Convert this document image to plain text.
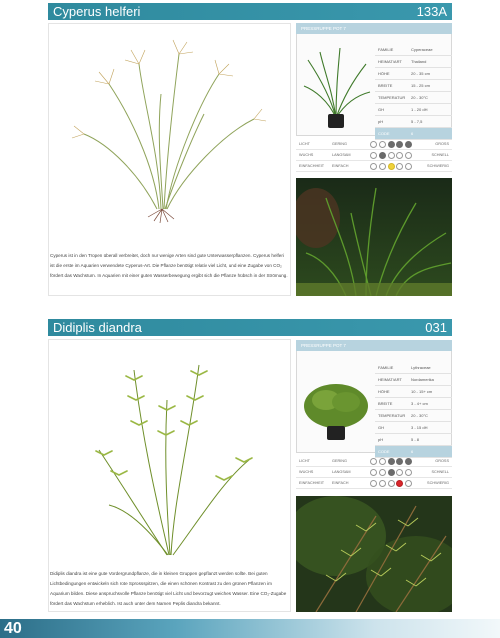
Cyperus helferi	133A

Cyperus ist in den Tropen überall verbreitet, doch nur wenige Arten sind gute Unterwasserpflanzen. Cyperus helferi ist die erste im Aquarien verwendete Cyperus-Art. Die Pflanze benötigt relativ viel Licht, und eine Zugabe von CO₂ fördert das Wachstum. In Aquarien mit einer guten Wasserbewegung ergibt sich die Pflanze hübsch in der Strömung.

PRESSRUPPE POT 7
FAMILIE	Cyperaceae
HEIMAT/ART	Thailand
HÖHE	20 - 35 cm
BREITE	15 - 25 cm
TEMPERATUR	20 - 30°C
GH	1 - 20 dH
pH	5 - 7,5
CODE	6
LICHT	GERING	GROSS
WUCHS	LANGSAM	SCHNELL
EINFACHHEIT	EINFACH	SCHWIERIG
Didiplis diandra	031

Didiplis diandra ist eine gute Vordergrundpflanze, die in kleinen Gruppen gepflanzt werden sollte. Bei guten Lichtbedingungen entwickeln sich rote Sprossspitzen, die einen schönen Kontrast zu den grünen Pflanzen im Aquarium bilden. Diese anspruchsvolle Pflanze benötigt viel Licht und bevorzugt weiches Wasser. Eine CO₂-Zugabe fördert das Wachstum erheblich. Ist auch unter dem Namen Peplis diandra bekannt.

PRESSRUPPE POT 7
FAMILIE	Lythraceae
HEIMAT/ART	Nordamerika
HÖHE	10 - 15+ cm
BREITE	3 - 4+ cm
TEMPERATUR	20 - 30°C
GH	3 - 15 dH
pH	5 - 8
CODE	6
LICHT	GERING	GROSS
WUCHS	LANGSAM	SCHNELL
EINFACHHEIT	EINFACH	SCHWIERIG
40
